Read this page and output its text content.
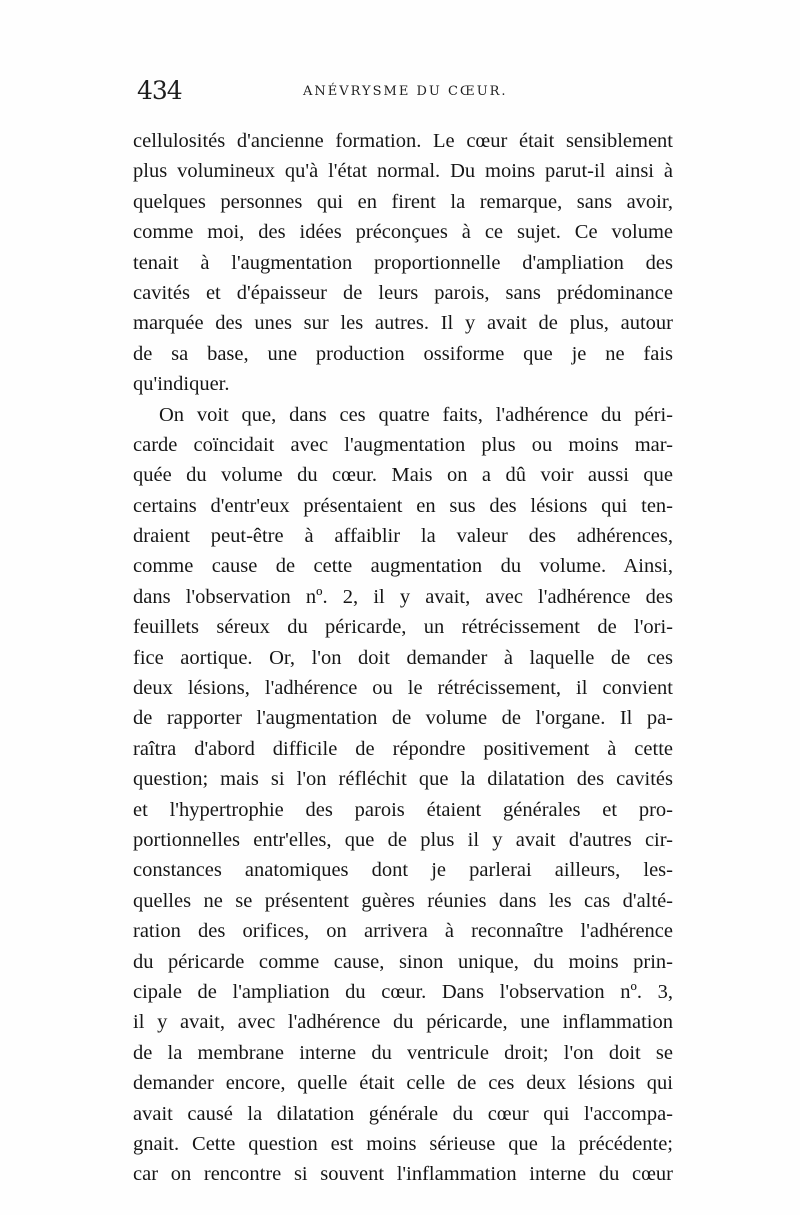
434	ANÉVRYSME DU CŒUR.
cellulosités d'ancienne formation. Le cœur était sensiblement
plus volumineux qu'à l'état normal. Du moins parut-il ainsi à
quelques personnes qui en firent la remarque, sans avoir,
comme moi, des idées préconçues à ce sujet. Ce volume
tenait à l'augmentation proportionnelle d'ampliation des
cavités et d'épaisseur de leurs parois, sans prédominance
marquée des unes sur les autres. Il y avait de plus, autour
de sa base, une production ossiforme que je ne fais
qu'indiquer.
On voit que, dans ces quatre faits, l'adhérence du péri-
carde coïncidait avec l'augmentation plus ou moins mar-
quée du volume du cœur. Mais on a dû voir aussi que
certains d'entr'eux présentaient en sus des lésions qui ten-
draient peut-être à affaiblir la valeur des adhérences,
comme cause de cette augmentation du volume. Ainsi,
dans l'observation nº. 2, il y avait, avec l'adhérence des
feuillets séreux du péricarde, un rétrécissement de l'ori-
fice aortique. Or, l'on doit demander à laquelle de ces
deux lésions, l'adhérence ou le rétrécissement, il convient
de rapporter l'augmentation de volume de l'organe. Il pa-
raîtra d'abord difficile de répondre positivement à cette
question; mais si l'on réfléchit que la dilatation des cavités
et l'hypertrophie des parois étaient générales et pro-
portionnelles entr'elles, que de plus il y avait d'autres cir-
constances anatomiques dont je parlerai ailleurs, les-
quelles ne se présentent guères réunies dans les cas d'alté-
ration des orifices, on arrivera à reconnaître l'adhérence
du péricarde comme cause, sinon unique, du moins prin-
cipale de l'ampliation du cœur. Dans l'observation nº. 3,
il y avait, avec l'adhérence du péricarde, une inflammation
de la membrane interne du ventricule droit; l'on doit se
demander encore, quelle était celle de ces deux lésions qui
avait causé la dilatation générale du cœur qui l'accompa-
gnait. Cette question est moins sérieuse que la précédente;
car on rencontre si souvent l'inflammation interne du cœur
